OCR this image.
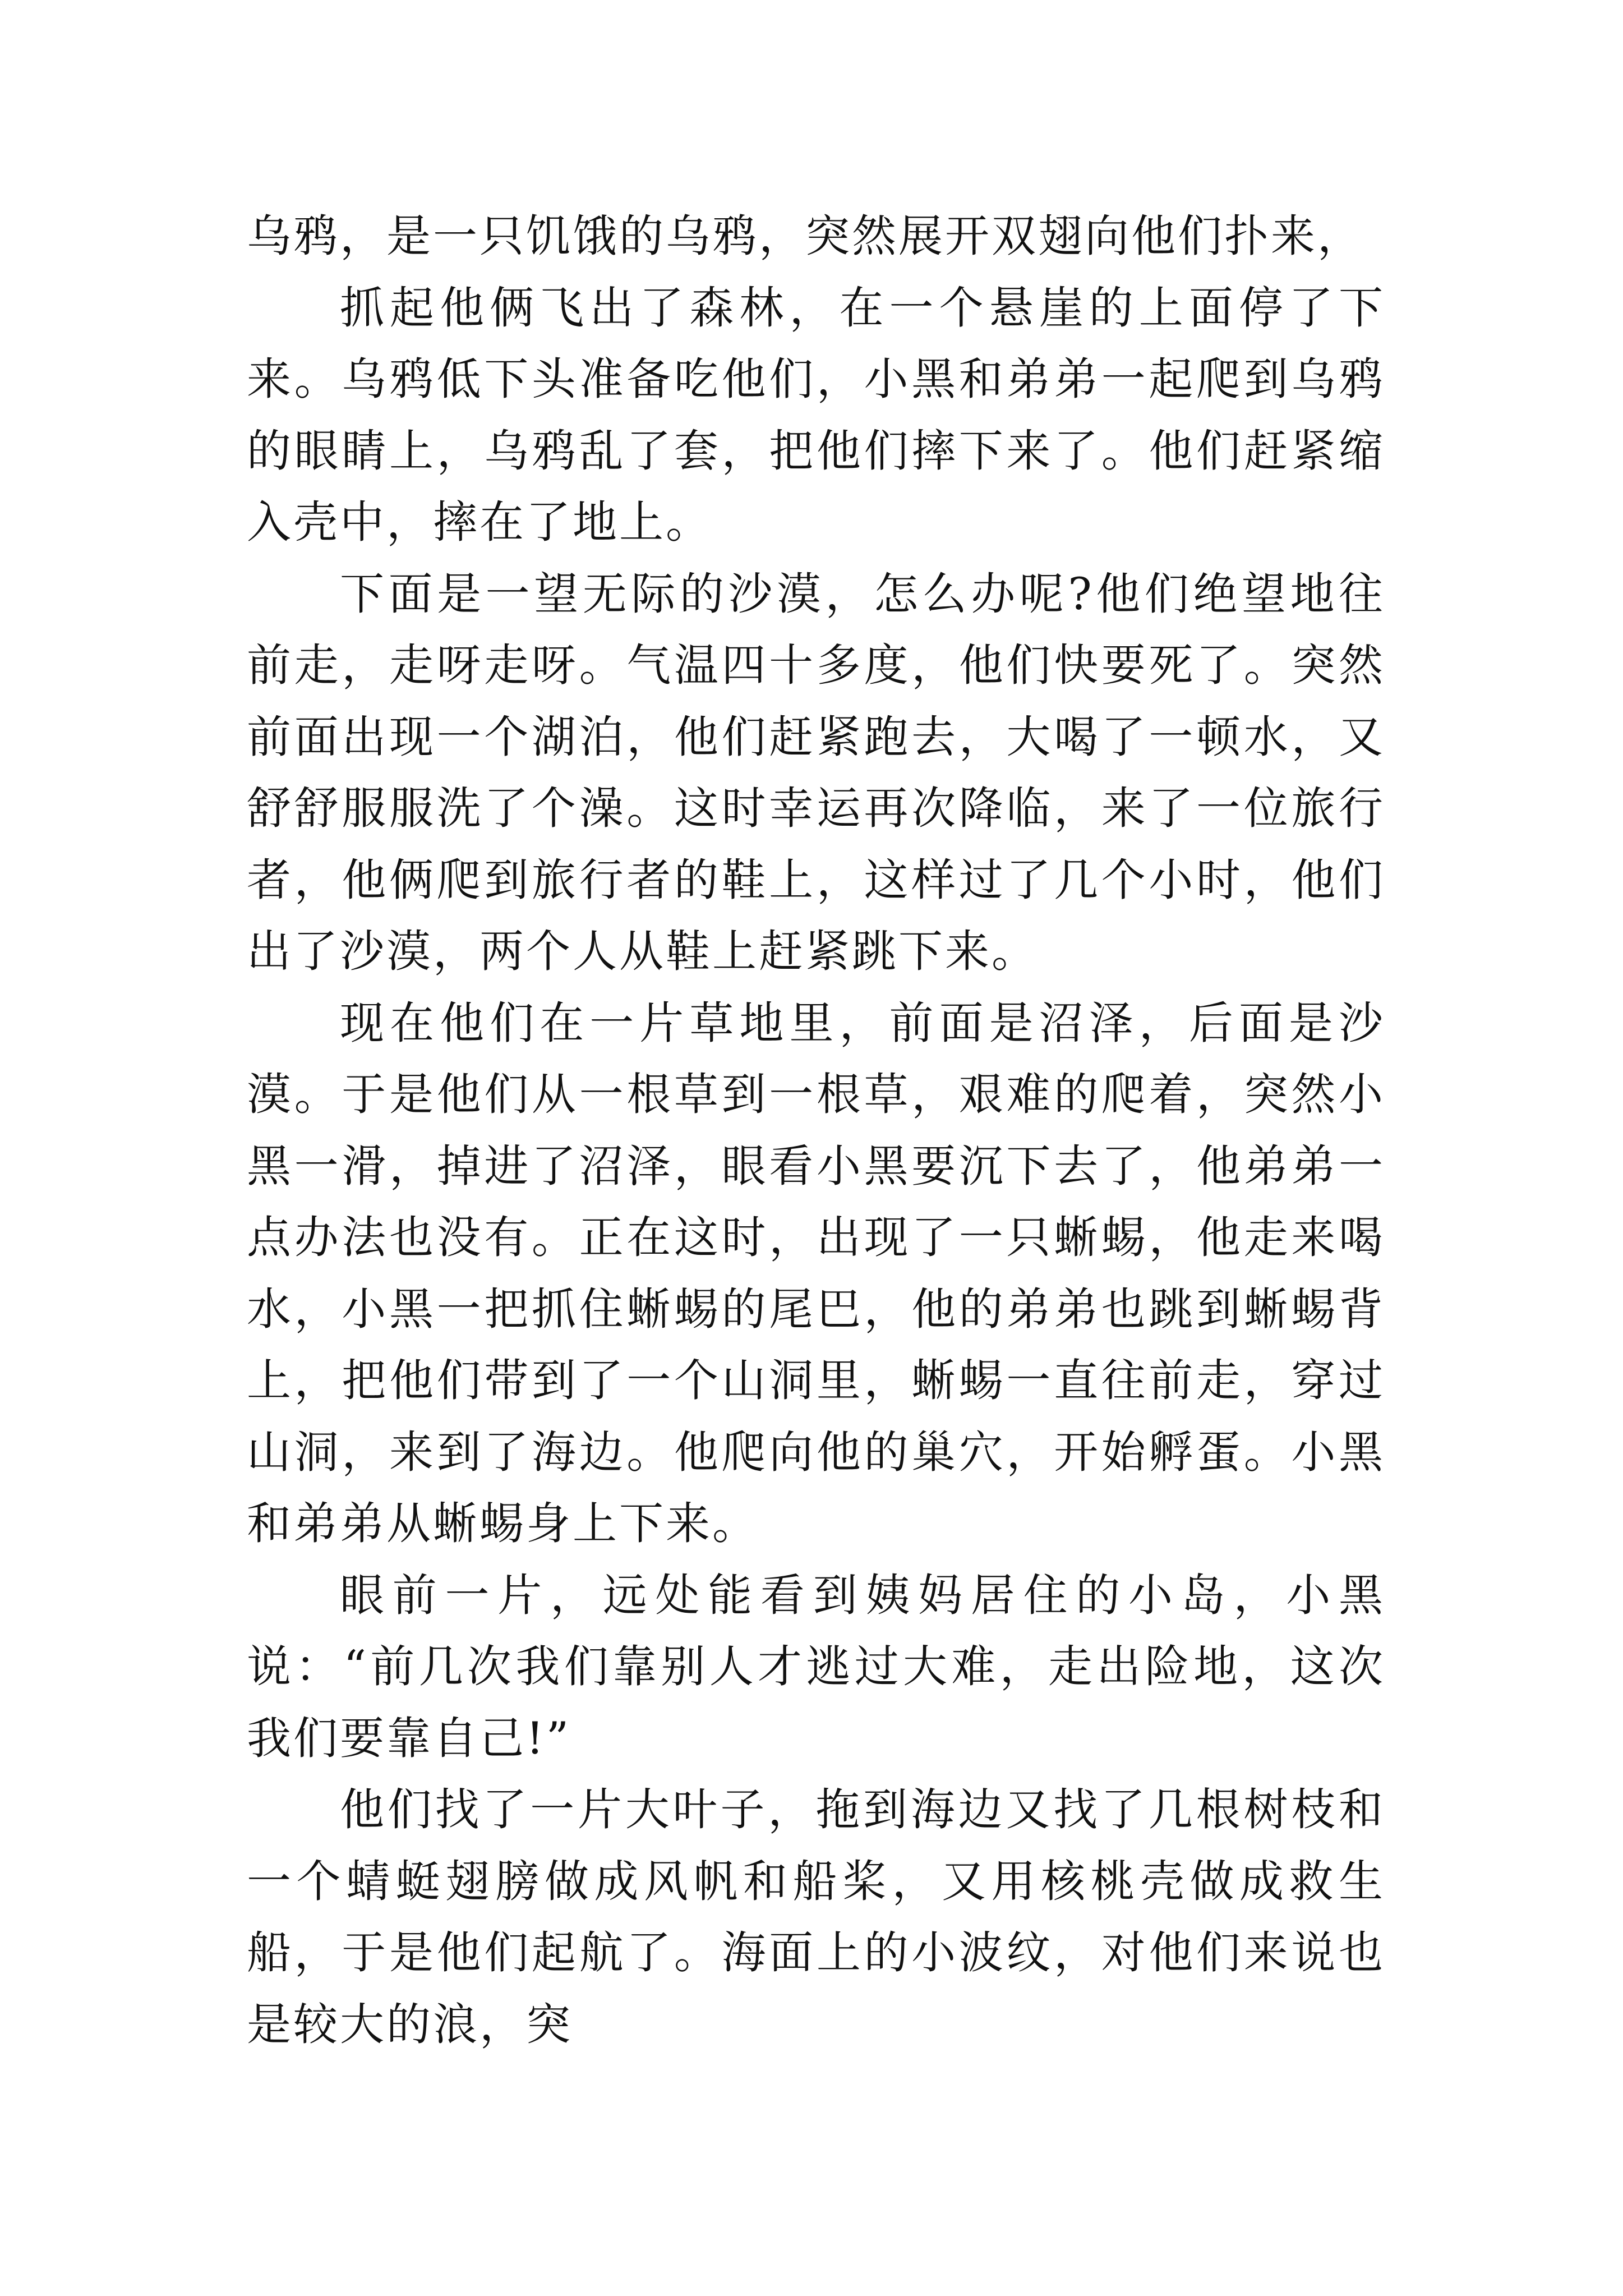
乌鸦，是一只饥饿的乌鸦，突然展开双翅向他们扑来，

抓起他俩飞出了森林，在一个悬崖的上面停了下来。乌鸦低下头准备吃他们，小黑和弟弟一起爬到乌鸦的眼睛上，乌鸦乱了套，把他们摔下来了。他们赶紧缩入壳中，摔在了地上。

下面是一望无际的沙漠，怎么办呢?他们绝望地往前走，走呀走呀。气温四十多度，他们快要死了。突然前面出现一个湖泊，他们赶紧跑去，大喝了一顿水，又舒舒服服洗了个澡。这时幸运再次降临，来了一位旅行者，他俩爬到旅行者的鞋上，这样过了几个小时，他们出了沙漠，两个人从鞋上赶紧跳下来。

现在他们在一片草地里，前面是沼泽，后面是沙漠。于是他们从一根草到一根草，艰难的爬着，突然小黑一滑，掉进了沼泽，眼看小黑要沉下去了，他弟弟一点办法也没有。正在这时，出现了一只蜥蜴，他走来喝水，小黑一把抓住蜥蜴的尾巴，他的弟弟也跳到蜥蜴背上，把他们带到了一个山洞里，蜥蜴一直往前走，穿过山洞，来到了海边。他爬向他的巢穴，开始孵蛋。小黑和弟弟从蜥蜴身上下来。

眼前一片，远处能看到姨妈居住的小岛，小黑说：“前几次我们靠别人才逃过大难，走出险地，这次我们要靠自己!”

他们找了一片大叶子，拖到海边又找了几根树枝和一个蜻蜓翅膀做成风帆和船桨，又用核桃壳做成救生船，于是他们起航了。海面上的小波纹，对他们来说也是较大的浪，突
